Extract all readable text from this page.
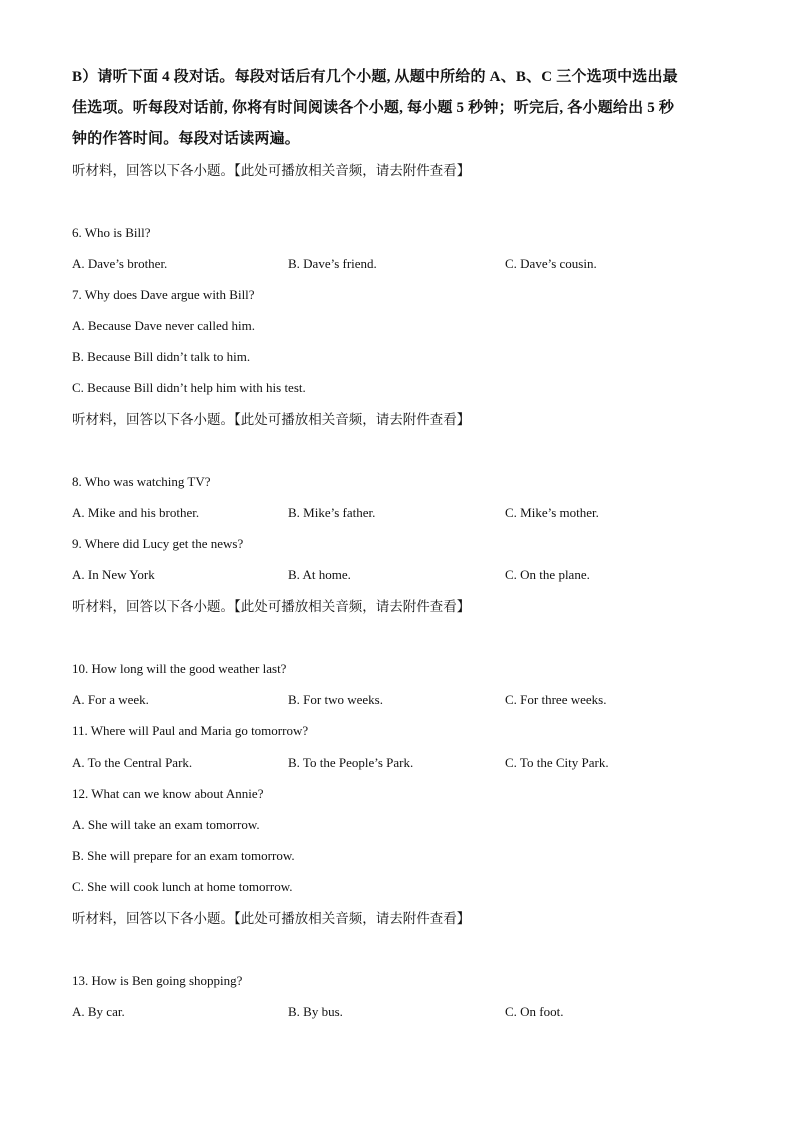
B）请听下面 4 段对话。每段对话后有几个小题, 从题中所给的 A、B、C 三个选项中选出最
佳选项。听每段对话前, 你将有时间阅读各个小题, 每小题 5 秒钟；听完后, 各小题给出 5 秒
钟的作答时间。每段对话读两遍。
听材料，回答以下各小题。【此处可播放相关音频，请去附件查看】
6. Who is Bill?
A. Dave’s brother.	B. Dave’s friend.	C. Dave’s cousin.
7. Why does Dave argue with Bill?
A. Because Dave never called him.
B. Because Bill didn’t talk to him.
C. Because Bill didn’t help him with his test.
听材料，回答以下各小题。【此处可播放相关音频，请去附件查看】
8. Who was watching TV?
A. Mike and his brother.	B. Mike’s father.	C. Mike’s mother.
9. Where did Lucy get the news?
A. In New York	B. At home.	C. On the plane.
听材料，回答以下各小题。【此处可播放相关音频，请去附件查看】
10. How long will the good weather last?
A. For a week.	B. For two weeks.	C. For three weeks.
11. Where will Paul and Maria go tomorrow?
A. To the Central Park.	B. To the People’s Park.	C. To the City Park.
12. What can we know about Annie?
A. She will take an exam tomorrow.
B. She will prepare for an exam tomorrow.
C. She will cook lunch at home tomorrow.
听材料，回答以下各小题。【此处可播放相关音频，请去附件查看】
13. How is Ben going shopping?
A. By car.	B. By bus.	C. On foot.
